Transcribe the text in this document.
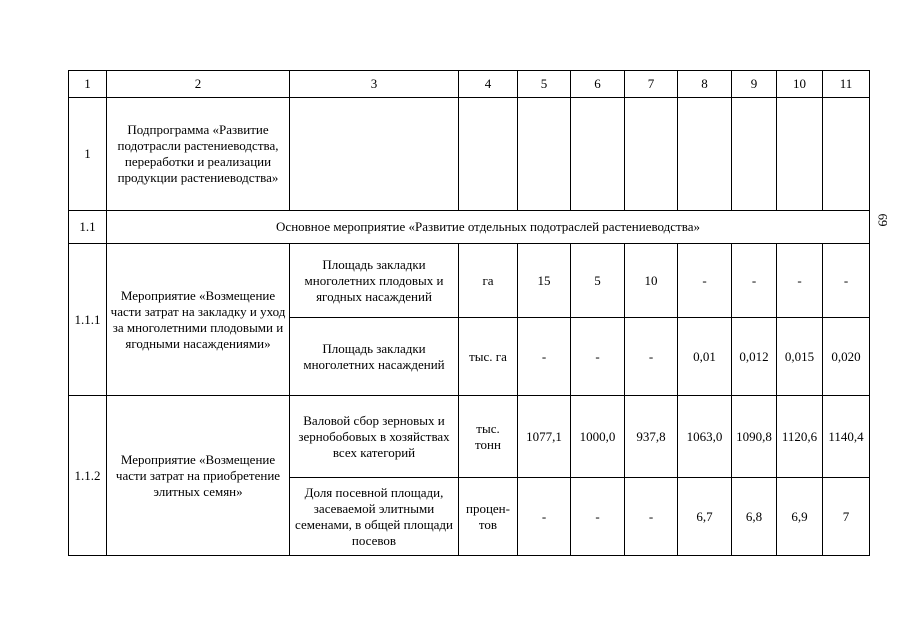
1	2	3	4	5	6	7	8	9	10	11
1	Подпрограмма «Развитие подотрасли растениеводства, переработки и реализации продукции растениеводства»									
1.1	Основное мероприятие «Развитие отдельных подотраслей растениеводства»									
1.1.1	Мероприятие «Возмещение части затрат на закладку и уход за многолетними плодовыми и ягодными насаждениями»	Площадь закладки многолетних плодовых и ягодных насаждений	га	15	5	10	-	-	-	-
		Площадь закладки многолетних насаждений	тыс. га	-	-	-	0,01	0,012	0,015	0,020
1.1.2	Мероприятие «Возмещение части затрат на приобретение элитных семян»	Валовой сбор зерновых и зернобобовых в хозяйствах всех категорий	тыс. тонн	1077,1	1000,0	937,8	1063,0	1090,8	1120,6	1140,4
		Доля посевной площади, засеваемой элитными семенами, в общей площади посевов	процен-тов	-	-	-	6,7	6,8	6,9	7
69
